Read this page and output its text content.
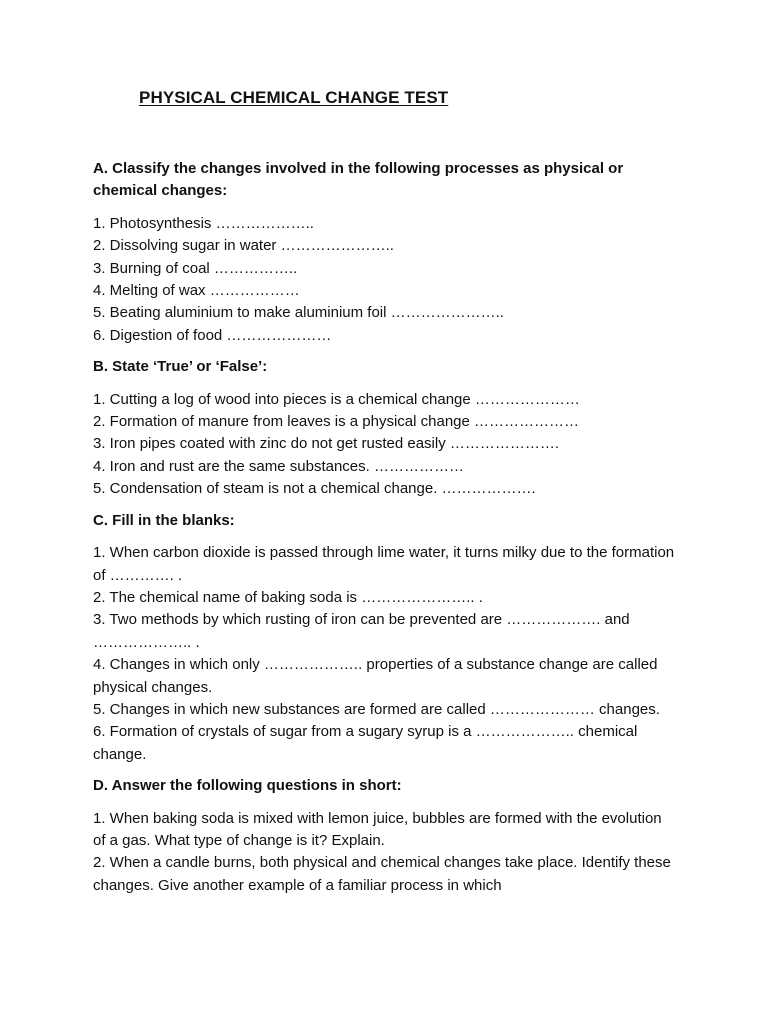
PHYSICAL CHEMICAL CHANGE TEST

A. Classify the changes involved in the following processes as physical or chemical changes:

1. Photosynthesis ………………..
2. Dissolving sugar in water …………………..
3. Burning of coal ……………..
4. Melting of wax ………………
5. Beating aluminium to make aluminium foil …………………..
6. Digestion of food …………………

B. State ‘True’ or ‘False’:

1. Cutting a log of wood into pieces is a chemical change …………………
2. Formation of manure from leaves is a physical change …………………
3. Iron pipes coated with zinc do not get rusted easily ………………….
4. Iron and rust are the same substances. ………………
5. Condensation of steam is not a chemical change. ……………….

C. Fill in the blanks:

1. When carbon dioxide is passed through lime water, it turns milky due to the formation of …………. .
2. The chemical name of baking soda is ………………….. .
3. Two methods by which rusting of iron can be prevented are ………………. and ……………….. .
4. Changes in which only ……………….. properties of a substance change are called physical changes.
5. Changes in which new substances are formed are called ………………… changes.
6. Formation of crystals of sugar from a sugary syrup is a ……………….. chemical change.

D. Answer the following questions in short:

1. When baking soda is mixed with lemon juice, bubbles are formed with the evolution of a gas. What type of change is it? Explain.
2. When a candle burns, both physical and chemical changes take place. Identify these changes. Give another example of a familiar process in which
